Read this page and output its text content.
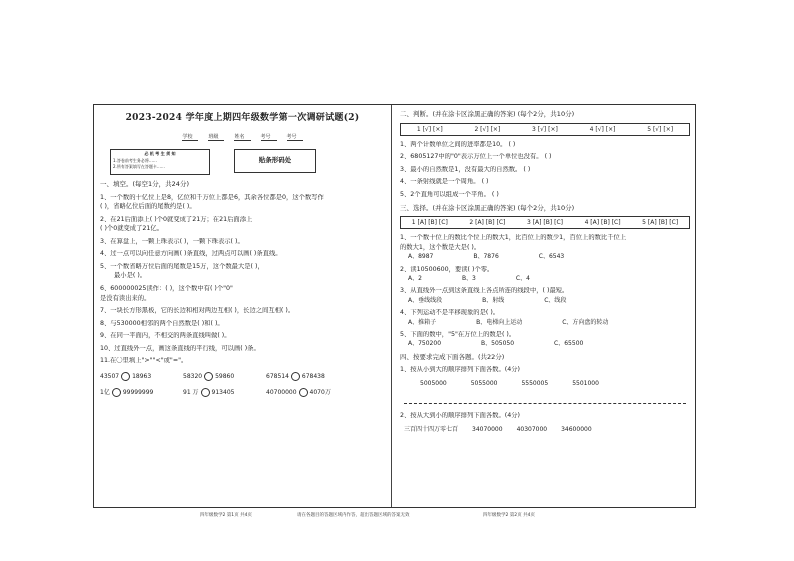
2023-2024 学年度上期四年级数学第一次调研试题(2)
学校	班级	姓名	考号	考号
必 机 考 生 须 知
1.答卷前考生务必将……
2.所有答案填写在答题卡……
贴条形码处
一、填空。(每空1分，共24分)
1、一个数的十亿位上是8，亿位和千万位上都是6，其余各位都是0，这个数写作
( )，省略亿位后面的尾数约是( )。
2、在21后面添上( )个0就变成了21万；在21后面添上
( )个0就变成了21亿。
3、在算盘上，一颗上珠表示( )，一颗下珠表示( )。
4、过一点可以向任意方向画( )条直线，过两点可以画( )条直线。
5、一个数省略万位后面的尾数是15万，这个数最大是( )，
最小是( )。
6、600000025读作：( )，这个数中有( )个"0"
是没有读出来的。
7、一块长方形黑板，它的长边和相对两边互相( )，长边之间互相( )。
8、与530000相邻的两个自然数是( )和( )。
9、在同一平面内，不相交的两条直线叫做( )。
10、过直线外一点，画这条直线的平行线，可以画( )条。
11.在〇里填上">""<"或"="。
43507 18963	58320 59860	678514 678438
1亿 99999999	91 万 913405	40700000 4070万
二、判断。(并在涂卡区涂黑正确的答案) (每个2分，共10分)
1 [√] [×]	2 [√] [×]	3 [√] [×]	4 [√] [×]	5 [√] [×]
1、两个计数单位之间的进率都是10。 ( )
2、6805127中的"0"表示万位上一个单位也没有。 ( )
3、最小的自然数是1，没有最大的自然数。 ( )
4、一条射线就是一个周角。 ( )
5、2个直角可以组成一个平角。 ( )
三、选择。(并在涂卡区涂黑正确的答案) (每个2分，共10分)
1 [A] [B] [C]	2 [A] [B] [C]	3 [A] [B] [C]	4 [A] [B] [C]	5 [A] [B] [C]
1、一个数十位上的数比个位上的数大1，比百位上的数少1，百位上的数比千位上
的数大1，这个数是大是( )。
A、8987	B、7876	C、6543
2、读10500600，要读( )个零。
A、2	B、3	C、4
3、从直线外一点到这条直线上各点所连的线段中，( )最短。
A、垂线线段	B、射线	C、线段
4、下列运动不是平移现象的是( )。
A、推箱子	B、电梯向上运动	C、方向盘的转动
5、下面的数中，"5"在万位上的数是( )。
A、750200	B、505050	C、65500
四、按要求完成下面各题。(共22分)
1、按从小到大的顺序排列下面各数。(4分)
5005000	5055000	5550005	5501000
2、按从大到小的顺序排列下面各数。(4分)
三百四十四万零七百 34070000 40307000 34600000
四年级数学2 第1页 共4页	请在各题目的答题区域内作答，超出答题区域的答案无效	四年级数学2 第2页 共4页
